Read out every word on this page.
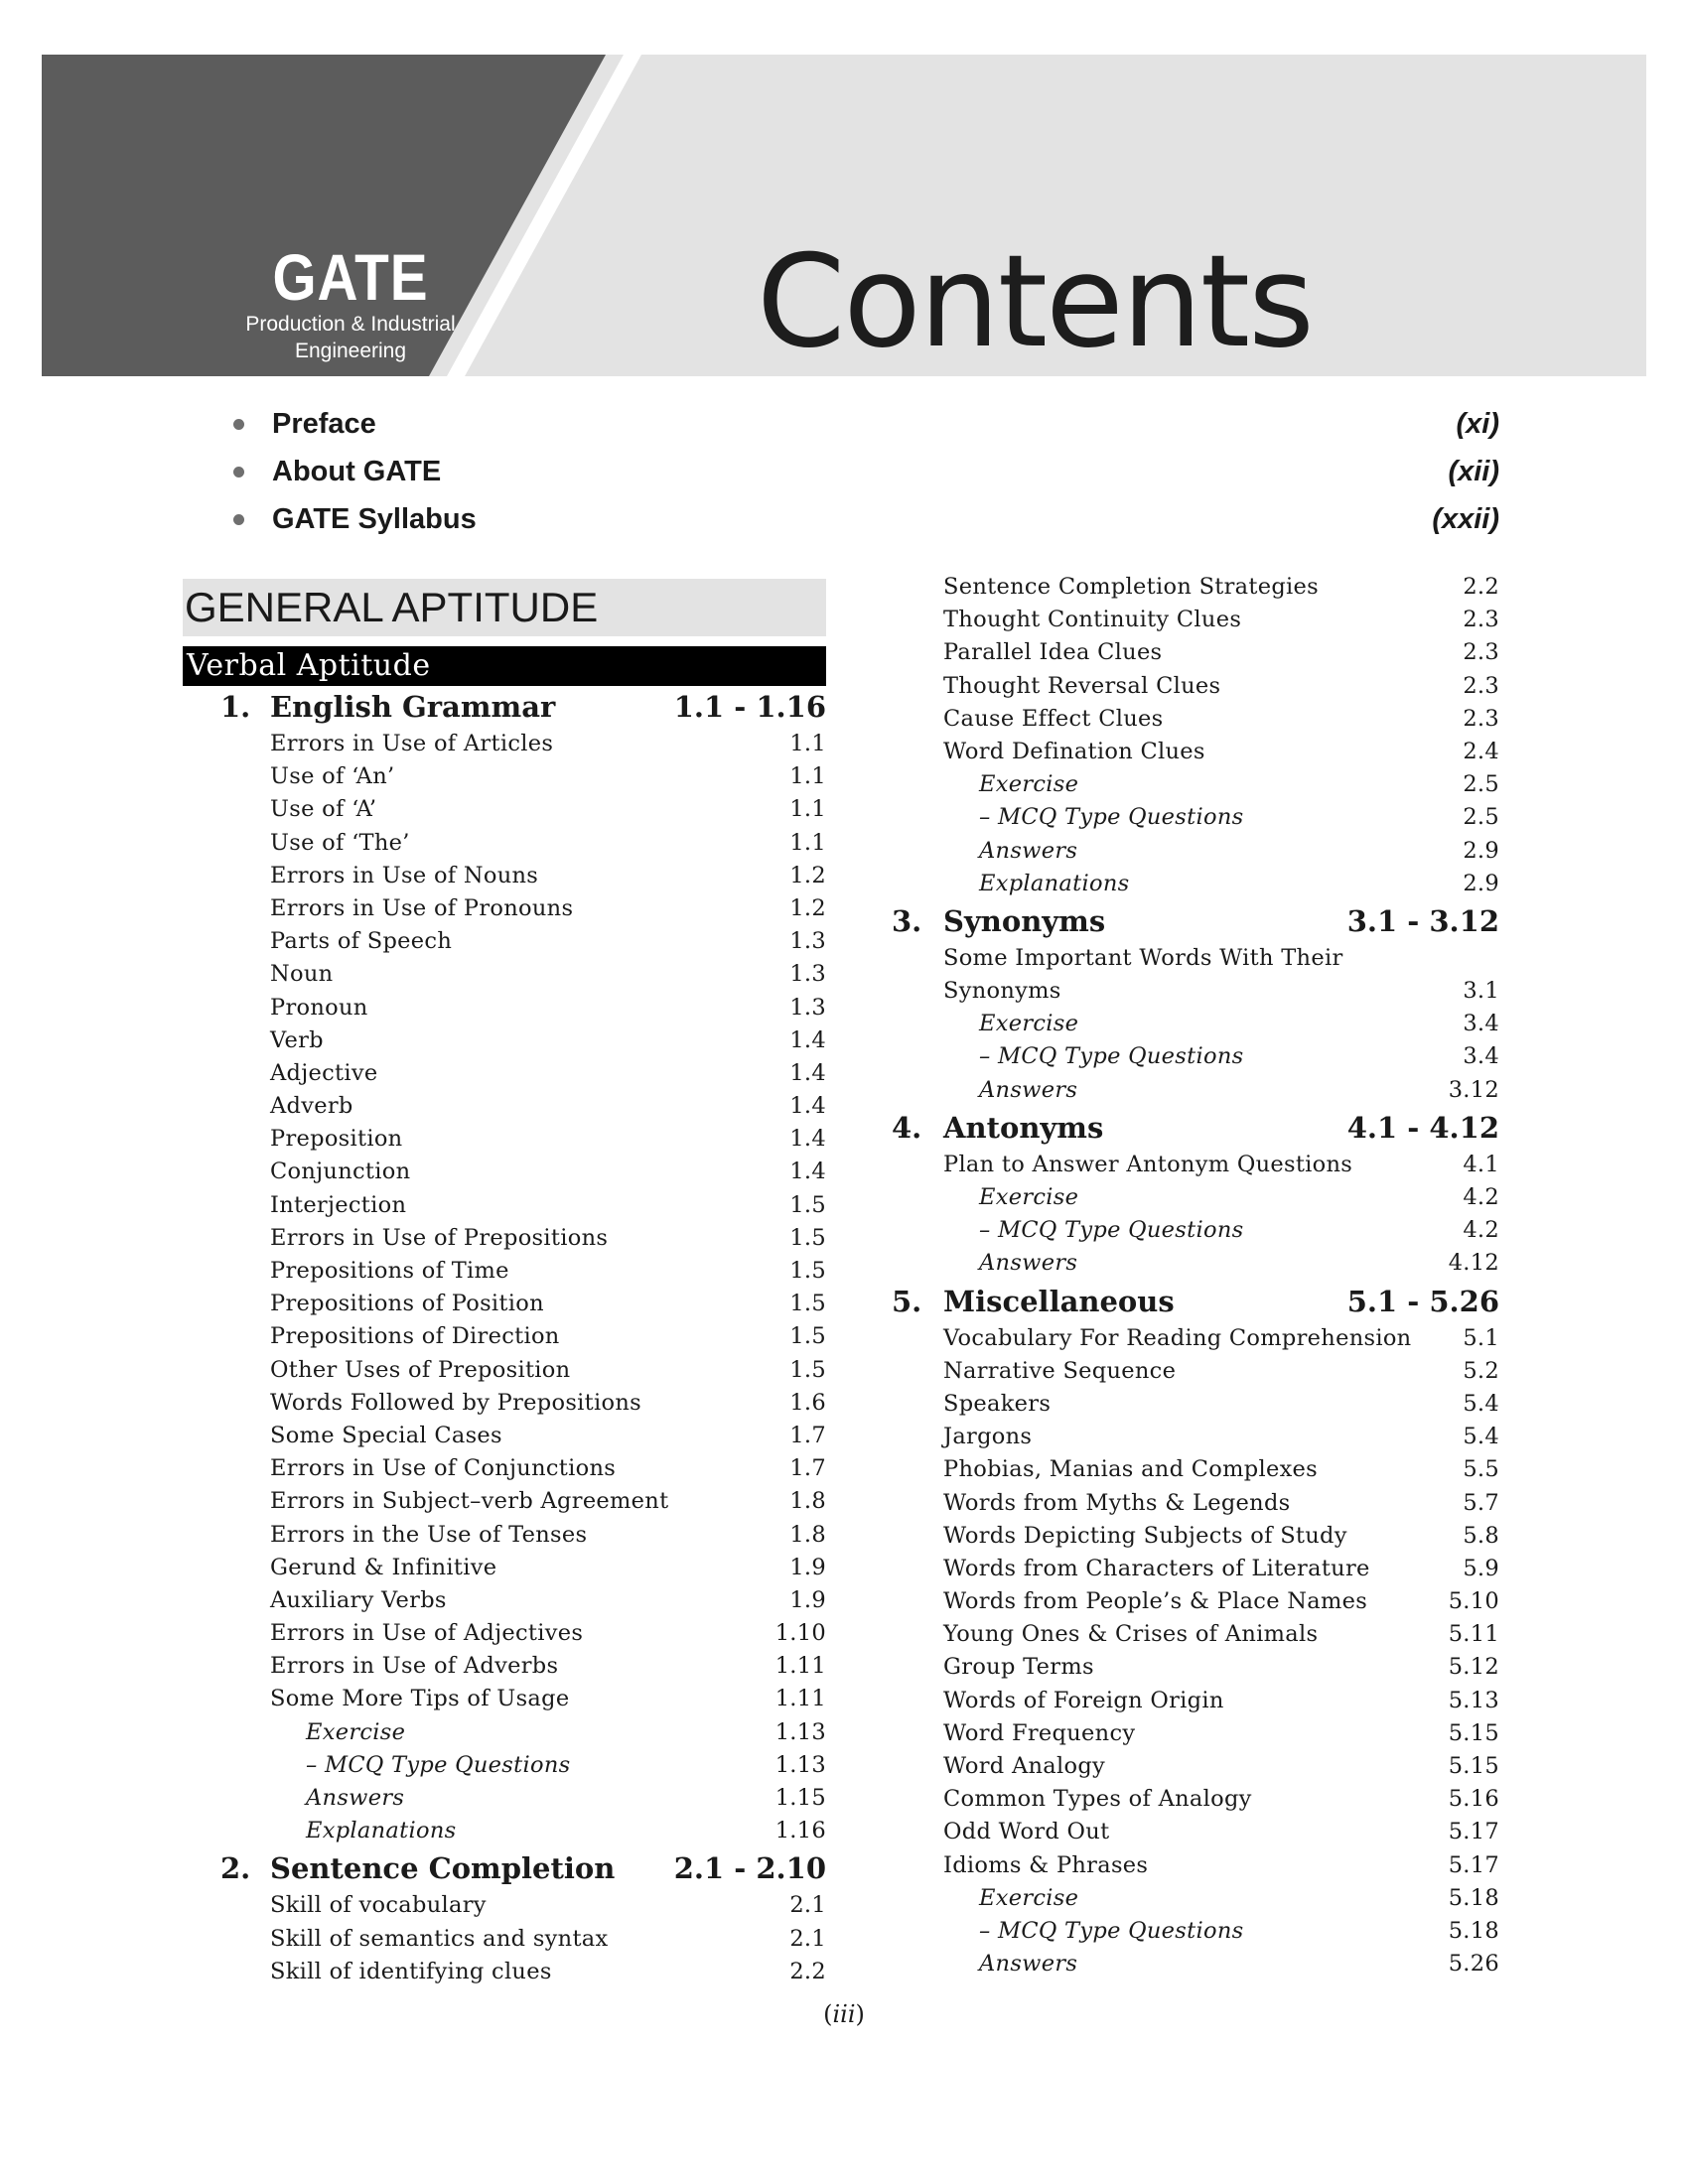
GATE
Production & Industrial
Engineering	Contents
Preface	(xi)
About GATE	(xii)
GATE Syllabus	(xxii)
GENERAL APTITUDE
Verbal Aptitude
1. English Grammar	1.1 - 1.16
Errors in Use of Articles	1.1
Use of ‘An’	1.1
Use of ‘A’	1.1
Use of ‘The’	1.1
Errors in Use of Nouns	1.2
Errors in Use of Pronouns	1.2
Parts of Speech	1.3
Noun	1.3
Pronoun	1.3
Verb	1.4
Adjective	1.4
Adverb	1.4
Preposition	1.4
Conjunction	1.4
Interjection	1.5
Errors in Use of Prepositions	1.5
Prepositions of Time	1.5
Prepositions of Position	1.5
Prepositions of Direction	1.5
Other Uses of Preposition	1.5
Words Followed by Prepositions	1.6
Some Special Cases	1.7
Errors in Use of Conjunctions	1.7
Errors in Subject–verb Agreement	1.8
Errors in the Use of Tenses	1.8
Gerund & Infinitive	1.9
Auxiliary Verbs	1.9
Errors in Use of Adjectives	1.10
Errors in Use of Adverbs	1.11
Some More Tips of Usage	1.11
Exercise	1.13
– MCQ Type Questions	1.13
Answers	1.15
Explanations	1.16
2. Sentence Completion	2.1 - 2.10
Skill of vocabulary	2.1
Skill of semantics and syntax	2.1
Skill of identifying clues	2.2
Sentence Completion Strategies	2.2
Thought Continuity Clues	2.3
Parallel Idea Clues	2.3
Thought Reversal Clues	2.3
Cause Effect Clues	2.3
Word Defination Clues	2.4
Exercise	2.5
– MCQ Type Questions	2.5
Answers	2.9
Explanations	2.9
3. Synonyms	3.1 - 3.12
Some Important Words With Their
Synonyms	3.1
Exercise	3.4
– MCQ Type Questions	3.4
Answers	3.12
4. Antonyms	4.1 - 4.12
Plan to Answer Antonym Questions	4.1
Exercise	4.2
– MCQ Type Questions	4.2
Answers	4.12
5. Miscellaneous	5.1 - 5.26
Vocabulary For Reading Comprehension	5.1
Narrative Sequence	5.2
Speakers	5.4
Jargons	5.4
Phobias, Manias and Complexes	5.5
Words from Myths & Legends	5.7
Words Depicting Subjects of Study	5.8
Words from Characters of Literature	5.9
Words from People’s & Place Names	5.10
Young Ones & Crises of Animals	5.11
Group Terms	5.12
Words of Foreign Origin	5.13
Word Frequency	5.15
Word Analogy	5.15
Common Types of Analogy	5.16
Odd Word Out	5.17
Idioms & Phrases	5.17
Exercise	5.18
– MCQ Type Questions	5.18
Answers	5.26
(iii)
